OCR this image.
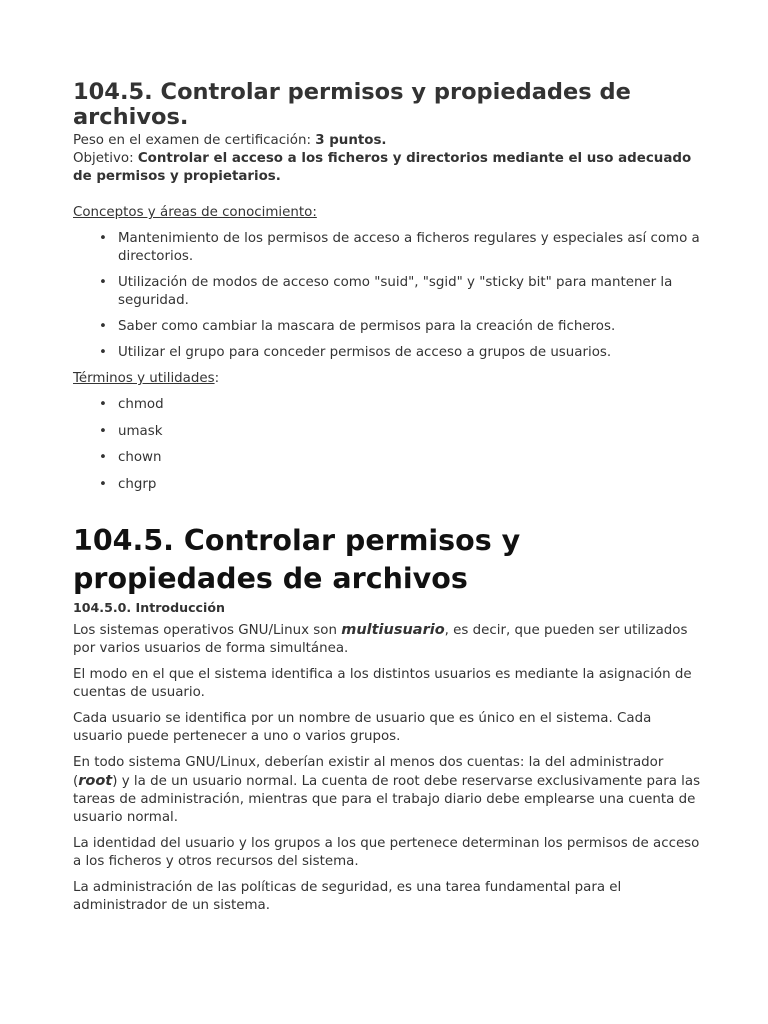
104.5. Controlar permisos y propiedades de archivos.
Peso en el examen de certificación: 3 puntos.
Objetivo: Controlar el acceso a los ficheros y directorios mediante el uso adecuado de permisos y propietarios.
Conceptos y áreas de conocimiento:
• Mantenimiento de los permisos de acceso a ficheros regulares y especiales así como a directorios.
• Utilización de modos de acceso como "suid", "sgid" y "sticky bit" para mantener la seguridad.
• Saber como cambiar la mascara de permisos para la creación de ficheros.
• Utilizar el grupo para conceder permisos de acceso a grupos de usuarios.
Términos y utilidades:
• chmod
• umask
• chown
• chgrp
104.5. Controlar permisos y propiedades de archivos
104.5.0. Introducción

Los sistemas operativos GNU/Linux son multiusuario, es decir, que pueden ser utilizados por varios usuarios de forma simultánea.

El modo en el que el sistema identifica a los distintos usuarios es mediante la asignación de cuentas de usuario.

Cada usuario se identifica por un nombre de usuario que es único en el sistema. Cada usuario puede pertenecer a uno o varios grupos.

En todo sistema GNU/Linux, deberían existir al menos dos cuentas: la del administrador (root) y la de un usuario normal. La cuenta de root debe reservarse exclusivamente para las tareas de administración, mientras que para el trabajo diario debe emplearse una cuenta de usuario normal.

La identidad del usuario y los grupos a los que pertenece determinan los permisos de acceso a los ficheros y otros recursos del sistema.

La administración de las políticas de seguridad, es una tarea fundamental para el administrador de un sistema.
